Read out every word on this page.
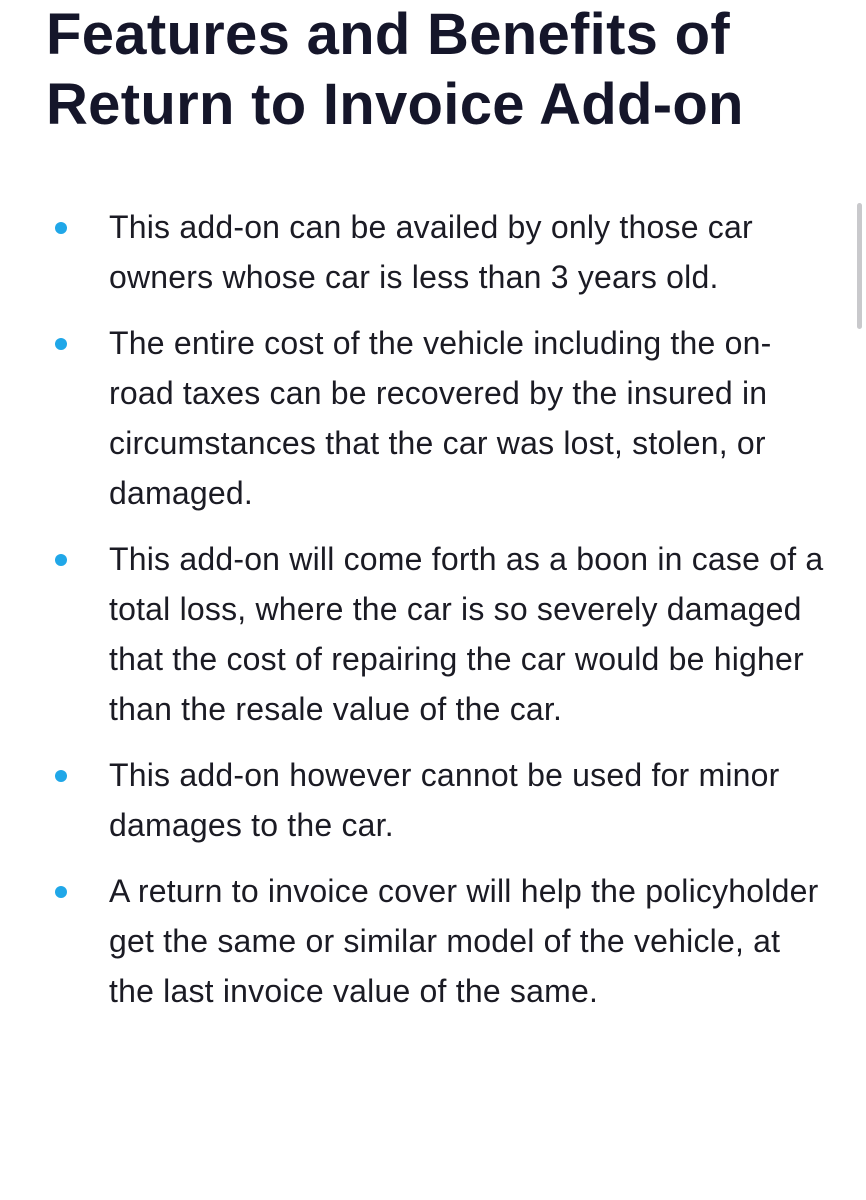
Features and Benefits of Return to Invoice Add-on
This add-on can be availed by only those car owners whose car is less than 3 years old.
The entire cost of the vehicle including the on-road taxes can be recovered by the insured in circumstances that the car was lost, stolen, or damaged.
This add-on will come forth as a boon in case of a total loss, where the car is so severely damaged that the cost of repairing the car would be higher than the resale value of the car.
This add-on however cannot be used for minor damages to the car.
A return to invoice cover will help the policyholder get the same or similar model of the vehicle, at the last invoice value of the same.
